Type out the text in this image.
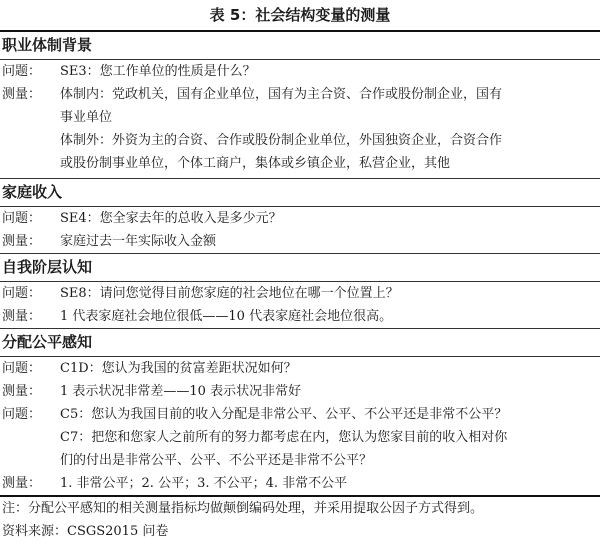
表 5：社会结构变量的测量
职业体制背景
问题：	SE3：您工作单位的性质是什么？
测量：	体制内：党政机关，国有企业单位，国有为主合资、合作或股份制企业，国有
事业单位
体制外：外资为主的合资、合作或股份制企业单位，外国独资企业，合资合作
或股份制事业单位，个体工商户，集体或乡镇企业，私营企业，其他
家庭收入
问题：	SE4：您全家去年的总收入是多少元？
测量：	家庭过去一年实际收入金额
自我阶层认知
问题：	SE8：请问您觉得目前您家庭的社会地位在哪一个位置上？
测量：	1 代表家庭社会地位很低——10 代表家庭社会地位很高。
分配公平感知
问题：	C1D：您认为我国的贫富差距状况如何？
测量：	1 表示状况非常差——10 表示状况非常好
问题：	C5：您认为我国目前的收入分配是非常公平、公平、不公平还是非常不公平？
C7：把您和您家人之前所有的努力都考虑在内，您认为您家目前的收入相对你
们的付出是非常公平、公平、不公平还是非常不公平？
测量：	1. 非常公平；2. 公平；3. 不公平；4. 非常不公平
注：分配公平感知的相关测量指标均做颠倒编码处理，并采用提取公因子方式得到。
资料来源：CSGS2015 问卷
